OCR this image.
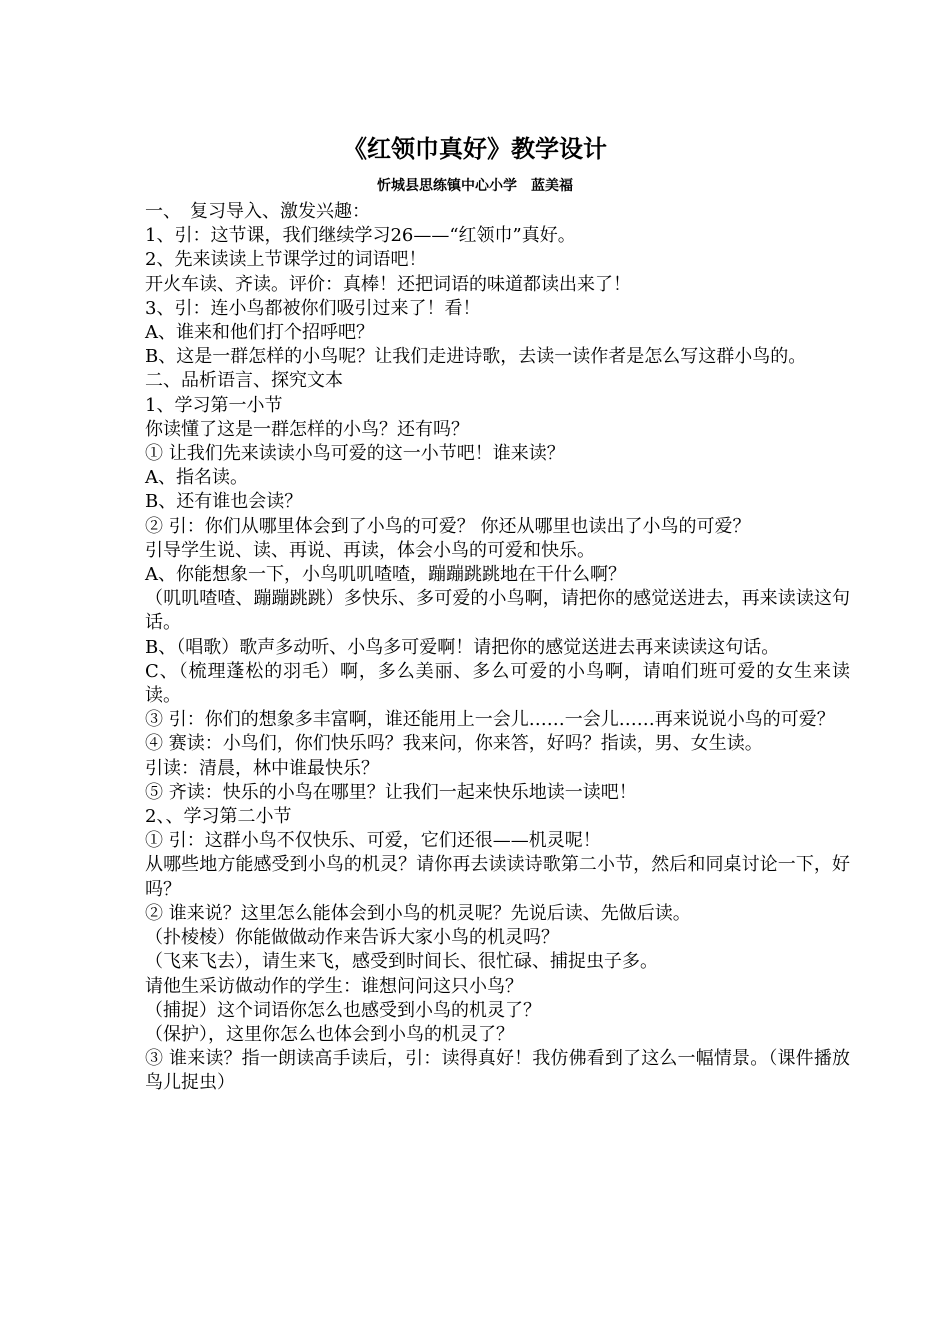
《红领巾真好》教学设计
忻城县思练镇中心小学　蓝美福

一、　复习导入、激发兴趣：

1、引：这节课，我们继续学习26——“红领巾”真好。

2、先来读读上节课学过的词语吧！

开火车读、齐读。评价：真棒！还把词语的味道都读出来了！

3、引：连小鸟都被你们吸引过来了！看！

A、谁来和他们打个招呼吧？

B、这是一群怎样的小鸟呢？让我们走进诗歌，去读一读作者是怎么写这群小鸟的。

二、品析语言、探究文本

1、学习第一小节

你读懂了这是一群怎样的小鸟？还有吗？

① 让我们先来读读小鸟可爱的这一小节吧！谁来读？

A、指名读。

B、还有谁也会读？

② 引：你们从哪里体会到了小鸟的可爱？ 你还从哪里也读出了小鸟的可爱？

引导学生说、读、再说、再读，体会小鸟的可爱和快乐。

A、你能想象一下，小鸟叽叽喳喳，蹦蹦跳跳地在干什么啊？

（叽叽喳喳、蹦蹦跳跳）多快乐、多可爱的小鸟啊，请把你的感觉送进去，再来读读这句话。

B、（唱歌）歌声多动听、小鸟多可爱啊！请把你的感觉送进去再来读读这句话。

C、（梳理蓬松的羽毛）啊，多么美丽、多么可爱的小鸟啊，请咱们班可爱的女生来读读。

③ 引：你们的想象多丰富啊，谁还能用上一会儿……一会儿……再来说说小鸟的可爱？

④ 赛读：小鸟们，你们快乐吗？我来问，你来答，好吗？指读，男、女生读。

引读：清晨，林中谁最快乐？

⑤ 齐读：快乐的小鸟在哪里？让我们一起来快乐地读一读吧！

2、、学习第二小节

① 引：这群小鸟不仅快乐、可爱，它们还很——机灵呢！

从哪些地方能感受到小鸟的机灵？请你再去读读诗歌第二小节，然后和同桌讨论一下，好吗？

② 谁来说？这里怎么能体会到小鸟的机灵呢？先说后读、先做后读。

（扑棱棱）你能做做动作来告诉大家小鸟的机灵吗？

（飞来飞去），请生来飞，感受到时间长、很忙碌、捕捉虫子多。

请他生采访做动作的学生：谁想问问这只小鸟？

（捕捉）这个词语你怎么也感受到小鸟的机灵了？

（保护），这里你怎么也体会到小鸟的机灵了？

③ 谁来读？指一朗读高手读后，引：读得真好！我仿佛看到了这么一幅情景。（课件播放鸟儿捉虫）
